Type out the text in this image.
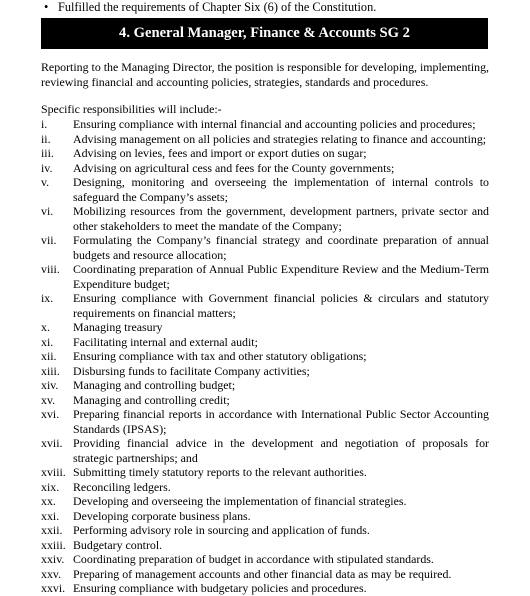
• Fulfilled the requirements of Chapter Six (6) of the Constitution.
4. General Manager, Finance & Accounts SG 2

Reporting to the Managing Director, the position is responsible for developing, implementing, reviewing financial and accounting policies, strategies, standards and procedures.

Specific responsibilities will include:-
i.	Ensuring compliance with internal financial and accounting policies and procedures;
ii.	Advising management on all policies and strategies relating to finance and accounting;
iii.	Advising on levies, fees and import or export duties on sugar;
iv.	Advising on agricultural cess and fees for the County governments;
v.	Designing, monitoring and overseeing the implementation of internal controls to safeguard the Company’s assets;
vi.	Mobilizing resources from the government, development partners, private sector and other stakeholders to meet the mandate of the Company;
vii.	Formulating the Company’s financial strategy and coordinate preparation of annual budgets and resource allocation;
viii.	Coordinating preparation of Annual Public Expenditure Review and the Medium-Term Expenditure budget;
ix.	Ensuring compliance with Government financial policies & circulars and statutory requirements on financial matters;
x.	Managing treasury
xi.	Facilitating internal and external audit;
xii.	Ensuring compliance with tax and other statutory obligations;
xiii.	Disbursing funds to facilitate Company activities;
xiv.	Managing and controlling budget;
xv.	Managing and controlling credit;
xvi.	Preparing financial reports in accordance with International Public Sector Accounting Standards (IPSAS);
xvii. Providing financial advice in the development and negotiation of proposals for strategic partnerships; and
xviii. Submitting timely statutory reports to the relevant authorities.
xix.	Reconciling ledgers.
xx.	Developing and overseeing the implementation of financial strategies.
xxi.	Developing corporate business plans.
xxii. Performing advisory role in sourcing and application of funds.
xxiii. Budgetary control.
xxiv. Coordinating preparation of budget in accordance with stipulated standards.
xxv.	Preparing of management accounts and other financial data as may be required.
xxvi. Ensuring compliance with budgetary policies and procedures.
